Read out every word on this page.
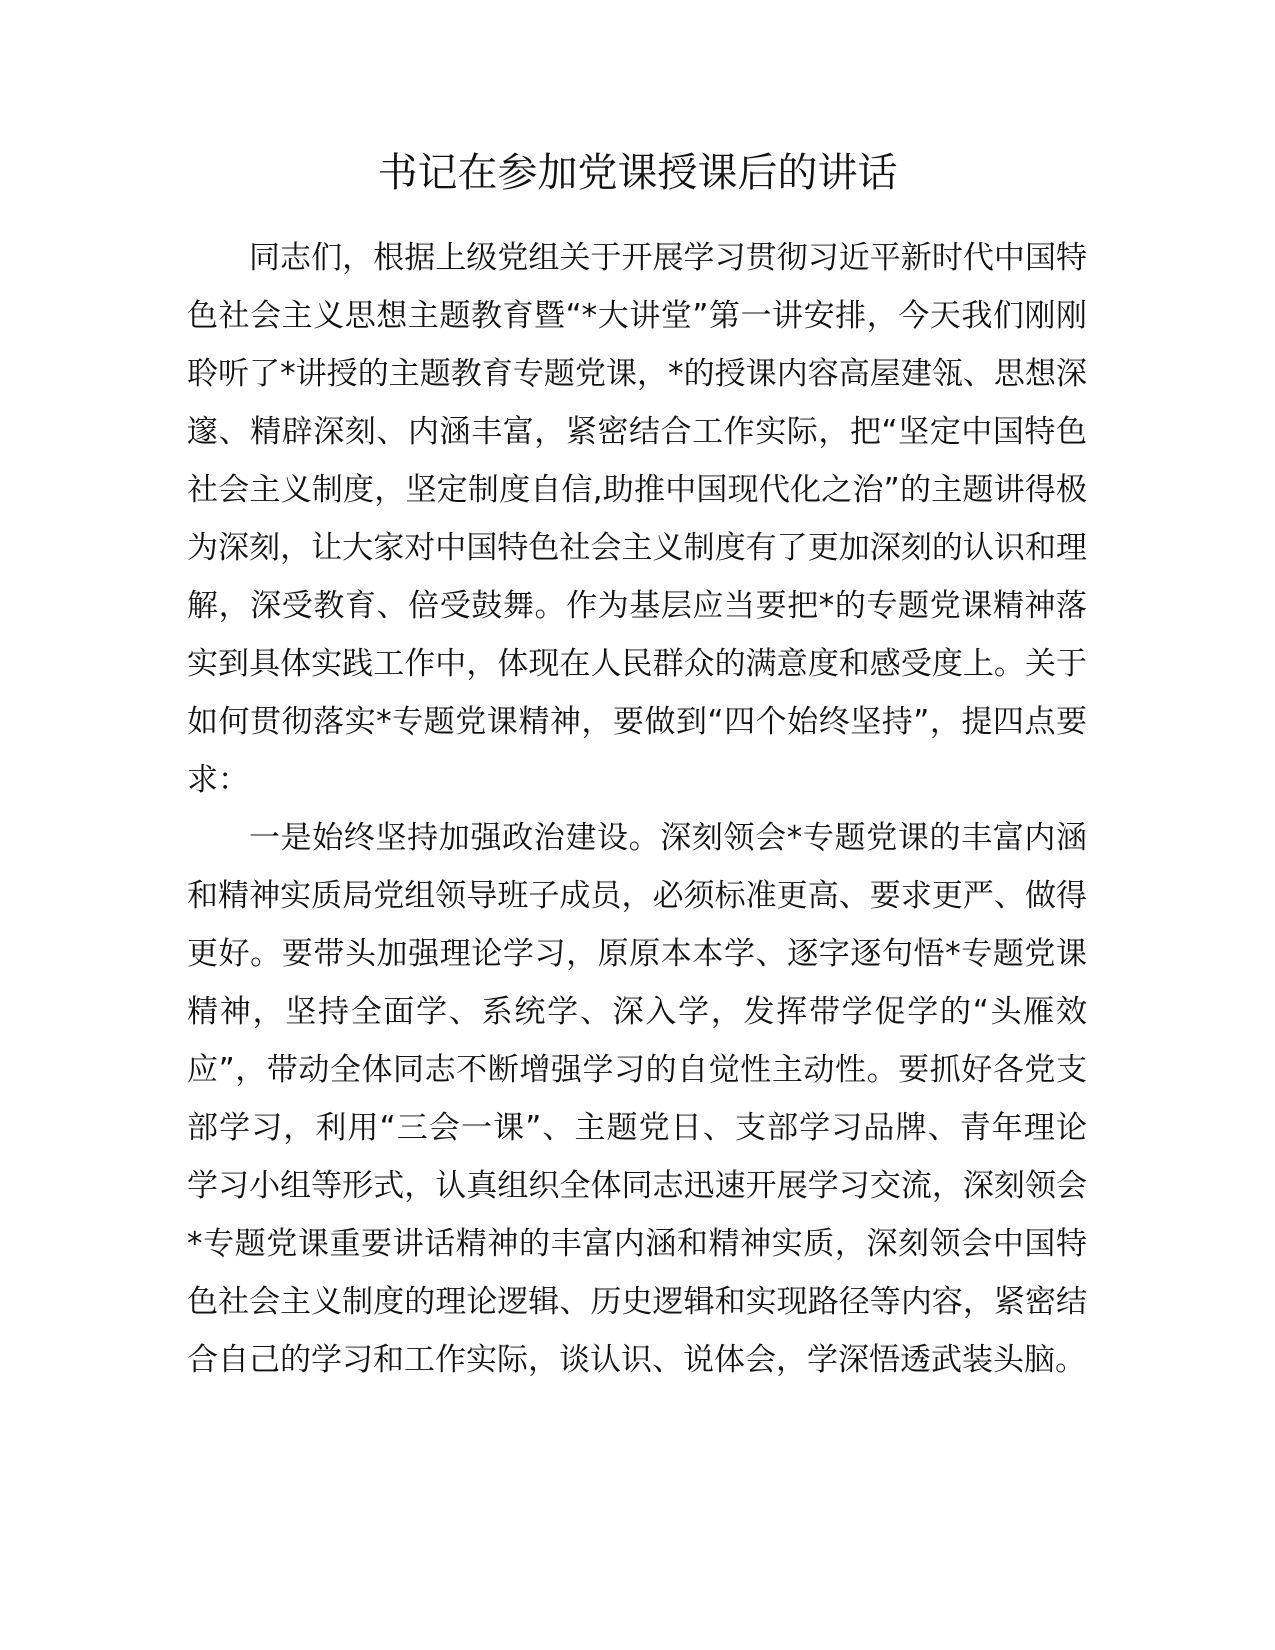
书记在参加党课授课后的讲话

同志们，根据上级党组关于开展学习贯彻习近平新时代中国特色社会主义思想主题教育暨“*大讲堂”第一讲安排，今天我们刚刚聆听了*讲授的主题教育专题党课，*的授课内容高屋建瓴、思想深邃、精辟深刻、内涵丰富，紧密结合工作实际，把“坚定中国特色社会主义制度，坚定制度自信,助推中国现代化之治”的主题讲得极为深刻，让大家对中国特色社会主义制度有了更加深刻的认识和理解，深受教育、倍受鼓舞。作为基层应当要把*的专题党课精神落实到具体实践工作中，体现在人民群众的满意度和感受度上。关于如何贯彻落实*专题党课精神，要做到“四个始终坚持”，提四点要求：

一是始终坚持加强政治建设。深刻领会*专题党课的丰富内涵和精神实质局党组领导班子成员，必须标准更高、要求更严、做得更好。要带头加强理论学习，原原本本学、逐字逐句悟*专题党课精神，坚持全面学、系统学、深入学，发挥带学促学的“头雁效应”，带动全体同志不断增强学习的自觉性主动性。要抓好各党支部学习，利用“三会一课”、主题党日、支部学习品牌、青年理论学习小组等形式，认真组织全体同志迅速开展学习交流，深刻领会*专题党课重要讲话精神的丰富内涵和精神实质，深刻领会中国特色社会主义制度的理论逻辑、历史逻辑和实现路径等内容，紧密结合自己的学习和工作实际，谈认识、说体会，学深悟透武装头脑。
